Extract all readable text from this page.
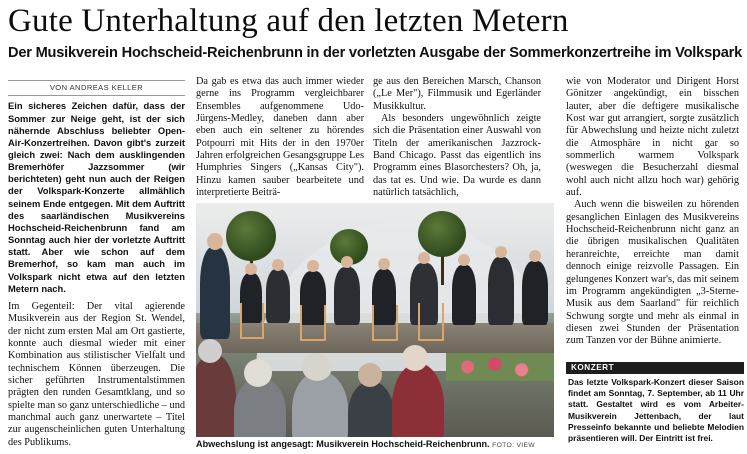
Gute Unterhaltung auf den letzten Metern
Der Musikverein Hochscheid-Reichenbrunn in der vorletzten Ausgabe der Sommerkonzertreihe im Volkspark
VON ANDREAS KELLER

Ein sicheres Zeichen dafür, dass der Sommer zur Neige geht, ist der sich nähernde Abschluss beliebter Open-Air-Konzertreihen. Davon gibt's zurzeit gleich zwei: Nach dem ausklingenden Bremerhöfer Jazzsommer (wir berichteten) geht nun auch der Reigen der Volkspark-Konzerte allmählich seinem Ende entgegen. Mit dem Auftritt des saarländischen Musikvereins Hochscheid-Reichenbrunn fand am Sonntag auch hier der vorletzte Auftritt statt. Aber wie schon auf dem Bremerhof, so kam man auch im Volkspark nicht etwa auf den letzten Metern nach.

Im Gegenteil: Der vital agierende Musikverein aus der Region St. Wendel, der nicht zum ersten Mal am Ort gastierte, konnte auch diesmal wieder mit einer Kombination aus stilistischer Vielfalt und technischem Können überzeugen. Die sicher geführten Instrumentalstimmen prägten den runden Gesamtklang, und so spielte man so ganz unterschiedliche – und manchmal auch ganz unerwartete – Titel zur augenscheinlichen guten Unterhaltung des Publikums.

Da gab es etwa das auch immer wieder gerne ins Programm vergleichbarer Ensembles aufgenommene Udo-Jürgens-Medley, daneben dann aber eben auch ein seltener zu hörendes Potpourri mit Hits der in den 1970er Jahren erfolgreichen Gesangsgruppe Les Humphries Singers („Kansas City"). Hinzu kamen sauber bearbeitete und interpretierte Beiträ-

ge aus den Bereichen Marsch, Chanson („Le Mer"), Filmmusik und Egerländer Musikkultur.

Als besonders ungewöhnlich zeigte sich die Präsentation einer Auswahl von Titeln der amerikanischen Jazzrock-Band Chicago. Passt das eigentlich ins Programm eines Blasorchesters? Oh, ja, das tat es. Und wie. Da wurde es dann natürlich tatsächlich,

wie von Moderator und Dirigent Horst Gönitzer angekündigt, ein bisschen lauter, aber die deftigere musikalische Kost war gut arrangiert, sorgte zusätzlich für Abwechslung und heizte nicht zuletzt die Atmosphäre in nicht gar so sommerlich warmem Volkspark (weswegen die Besucherzahl diesmal wohl auch nicht allzu hoch war) gehörig auf.

Auch wenn die bisweilen zu hörenden gesanglichen Einlagen des Musikvereins Hochscheid-Reichenbrunn nicht ganz an die übrigen musikalischen Qualitäten heranreichte, erreichte man damit dennoch einige reizvolle Passagen. Ein gelungenes Konzert war's, das mit seinem im Programm angekündigten „3-Sterne-Musik aus dem Saarland" für reichlich Schwung sorgte und mehr als einmal in diesen zwei Stunden der Präsentation zum Tanzen vor der Bühne animierte.

Abwechslung ist angesagt: Musikverein Hochscheid-Reichenbrunn. FOTO: VIEW
KONZERT

Das letzte Volkspark-Konzert dieser Saison findet am Sonntag, 7. September, ab 11 Uhr statt. Gestaltet wird es vom Arbeiter-Musikverein Jettenbach, der laut Presseinfo bekannte und beliebte Melodien präsentieren will. Der Eintritt ist frei.
